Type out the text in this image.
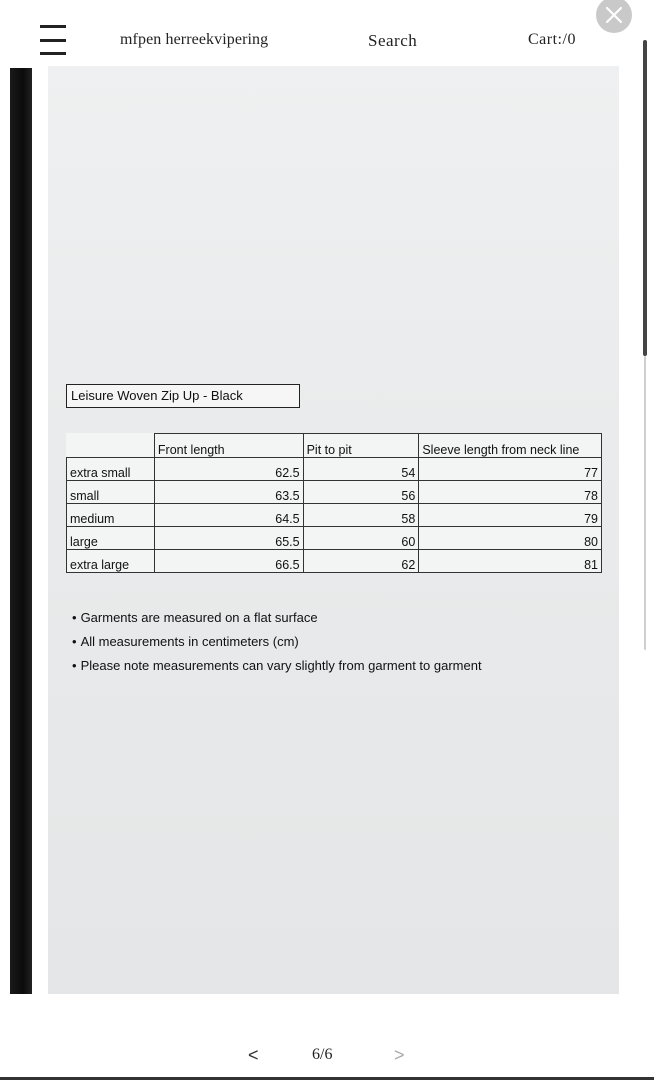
mfpen herreekvipering	Search	Cart:/0
Leisure Woven Zip Up - Black
	Front length	Pit to pit	Sleeve length from neck line
extra small	62.5	54	77
small	63.5	56	78
medium	64.5	58	79
large	65.5	60	80
extra large	66.5	62	81
• Garments are measured on a flat surface
• All measurements in centimeters (cm)
• Please note measurements can vary slightly from garment to garment
<	6/6	>
